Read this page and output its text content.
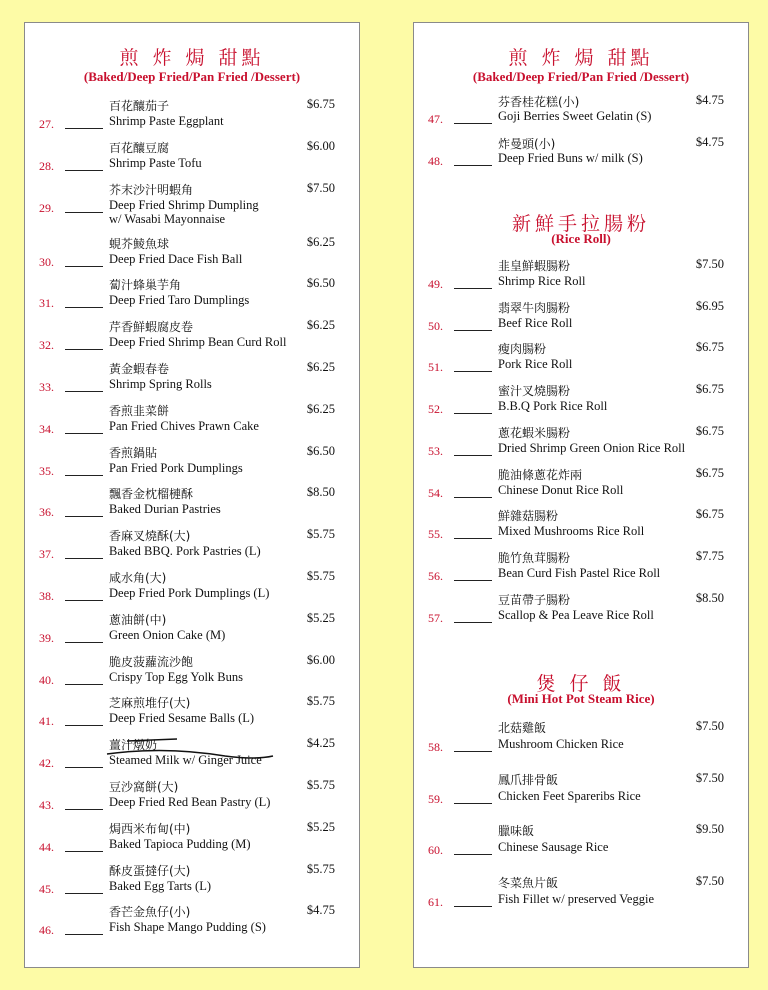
煎 炸 焗 甜點
(Baked/Deep Fried/Pan Fried /Dessert)
百花釀茄子	$6.75
27.	Shrimp Paste Eggplant
百花釀豆腐	$6.00
28.	Shrimp Paste Tofu
芥末沙汁明蝦角	$7.50
29.	Deep Fried Shrimp Dumpling
w/ Wasabi Mayonnaise
蜆芥鯪魚球	$6.25
30.	Deep Fried Dace Fish Ball
蔔汁蜂巢芋角	$6.50
31.	Deep Fried Taro Dumplings
芹香鮮蝦腐皮卷	$6.25
32.	Deep Fried Shrimp Bean Curd Roll
黃金蝦春卷	$6.25
33.	Shrimp Spring Rolls
香煎韭菜餅	$6.25
34.	Pan Fried Chives Prawn Cake
香煎鍋貼	$6.50
35.	Pan Fried Pork Dumplings
飄香金枕榴槤酥	$8.50
36.	Baked Durian Pastries
香麻叉燒酥(大)	$5.75
37.	Baked BBQ. Pork Pastries (L)
咸水角(大)	$5.75
38.	Deep Fried Pork Dumplings (L)
蔥油餅(中)	$5.25
39.	Green Onion Cake (M)
脆皮菠蘿流沙飽	$6.00
40.	Crispy Top Egg Yolk Buns
芝麻煎堆仔(大)	$5.75
41.	Deep Fried Sesame Balls (L)
薑汁燉奶	$4.25
42.	Steamed Milk w/ Ginger Juice
豆沙窩餅(大)	$5.75
43.	Deep Fried Red Bean Pastry (L)
焗西米布甸(中)	$5.25
44.	Baked Tapioca Pudding (M)
酥皮蛋撻仔(大)	$5.75
45.	Baked Egg Tarts (L)
香芒金魚仔(小)	$4.75
46.	Fish Shape Mango Pudding (S)
煎 炸 焗 甜點
(Baked/Deep Fried/Pan Fried /Dessert)
芬香桂花糕(小)	$4.75
47.	Goji Berries Sweet Gelatin (S)
炸曼頭(小)	$4.75
48.	Deep Fried Buns w/ milk (S)
新鮮手拉腸粉
(Rice Roll)
韭皇鮮蝦腸粉	$7.50
49.	Shrimp Rice Roll
翡翠牛肉腸粉	$6.95
50.	Beef Rice Roll
瘦肉腸粉	$6.75
51.	Pork Rice Roll
蜜汁叉燒腸粉	$6.75
52.	B.B.Q Pork Rice Roll
蔥花蝦米腸粉	$6.75
53.	Dried Shrimp Green Onion Rice Roll
脆油條蔥花炸兩	$6.75
54.	Chinese Donut Rice Roll
鮮雜菇腸粉	$6.75
55.	Mixed Mushrooms Rice Roll
脆竹魚茸腸粉	$7.75
56.	Bean Curd Fish Pastel Rice Roll
豆苗帶子腸粉	$8.50
57.	Scallop & Pea Leave Rice Roll
煲 仔 飯
(Mini Hot Pot Steam Rice)
北菇雞飯	$7.50
58.	Mushroom Chicken Rice
鳳爪排骨飯	$7.50
59.	Chicken Feet Spareribs Rice
臘味飯	$9.50
60.	Chinese Sausage Rice
冬菜魚片飯	$7.50
61.	Fish Fillet w/ preserved Veggie
